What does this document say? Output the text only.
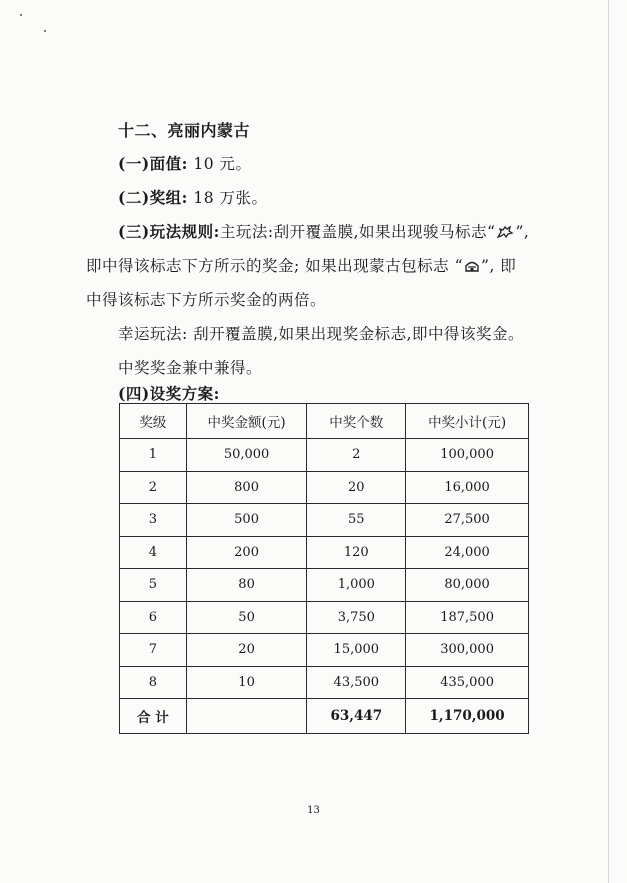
十二、亮丽内蒙古
(一)面值: 10 元。
(二)奖组: 18 万张。
(三)玩法规则:主玩法:刮开覆盖膜,如果出现骏马标志“ ”,
即中得该标志下方所示的奖金; 如果出现蒙古包标志 “ ”, 即
中得该标志下方所示奖金的两倍。
幸运玩法: 刮开覆盖膜,如果出现奖金标志,即中得该奖金。
中奖奖金兼中兼得。
(四)设奖方案:
奖级	中奖金额(元)	中奖个数	中奖小计(元)
1	50,000	2	100,000
2	800	20	16,000
3	500	55	27,500
4	200	120	24,000
5	80	1,000	80,000
6	50	3,750	187,500
7	20	15,000	300,000
8	10	43,500	435,000
合 计		63,447	1,170,000
13
